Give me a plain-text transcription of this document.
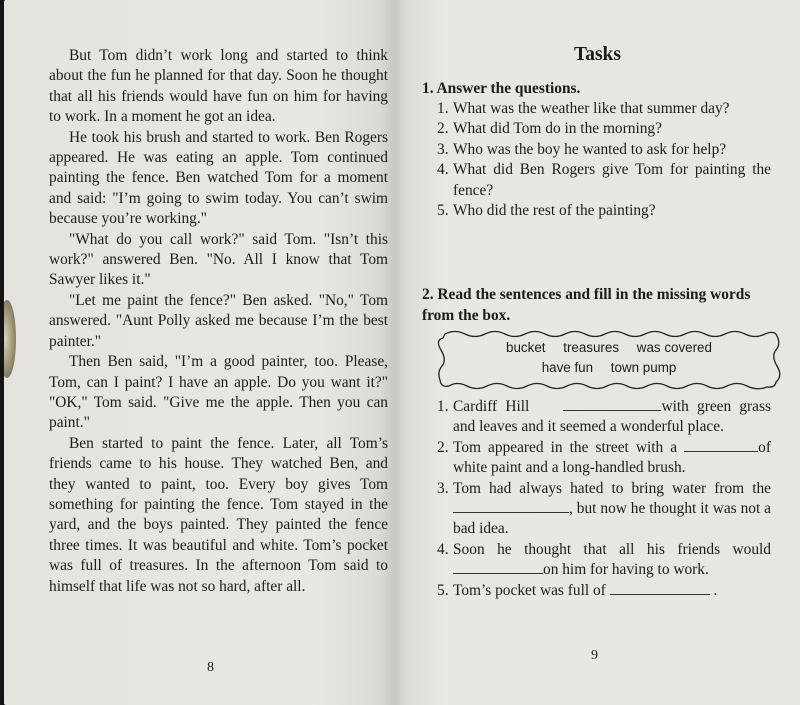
But Tom didn’t work long and started to think about the fun he planned for that day. Soon he thought that all his friends would have fun on him for having to work. In a moment he got an idea.

He took his brush and started to work. Ben Rogers appeared. He was eating an apple. Tom continued painting the fence. Ben watched Tom for a moment and said: "I’m going to swim today. You can’t swim because you’re working."

"What do you call work?" said Tom. "Isn’t this work?" answered Ben. "No. All I know that Tom Sawyer likes it."

"Let me paint the fence?" Ben asked. "No," Tom answered. "Aunt Polly asked me because I’m the best painter."

Then Ben said, "I’m a good painter, too. Please, Tom, can I paint? I have an apple. Do you want it?" "OK," Tom said. "Give me the apple. Then you can paint."

Ben started to paint the fence. Later, all Tom’s friends came to his house. They watched Ben, and they wanted to paint, too. Every boy gives Tom something for painting the fence. Tom stayed in the yard, and the boys painted. They painted the fence three times. It was beautiful and white. Tom’s pocket was full of treasures. In the afternoon Tom said to himself that life was not so hard, after all.

8
Tasks

1. Answer the questions.

1. What was the weather like that summer day?
2. What did Tom do in the morning?
3. Who was the boy he wanted to ask for help?
4. What did Ben Rogers give Tom for painting the fence?
5. Who did the rest of the painting?

2. Read the sentences and fill in the missing words from the box.

bucket treasures was covered
have fun town pump
1. Cardiff Hill	with green grass and leaves and it seemed a wonderful place.
2. Tom appeared in the street with a	of white paint and a long-handled brush.
3. Tom had always hated to bring water from the, but now he thought it was not a bad idea.
4. Soon he thought that all his friends would on him for having to work.
5. Tom’s pocket was full of	.
9
